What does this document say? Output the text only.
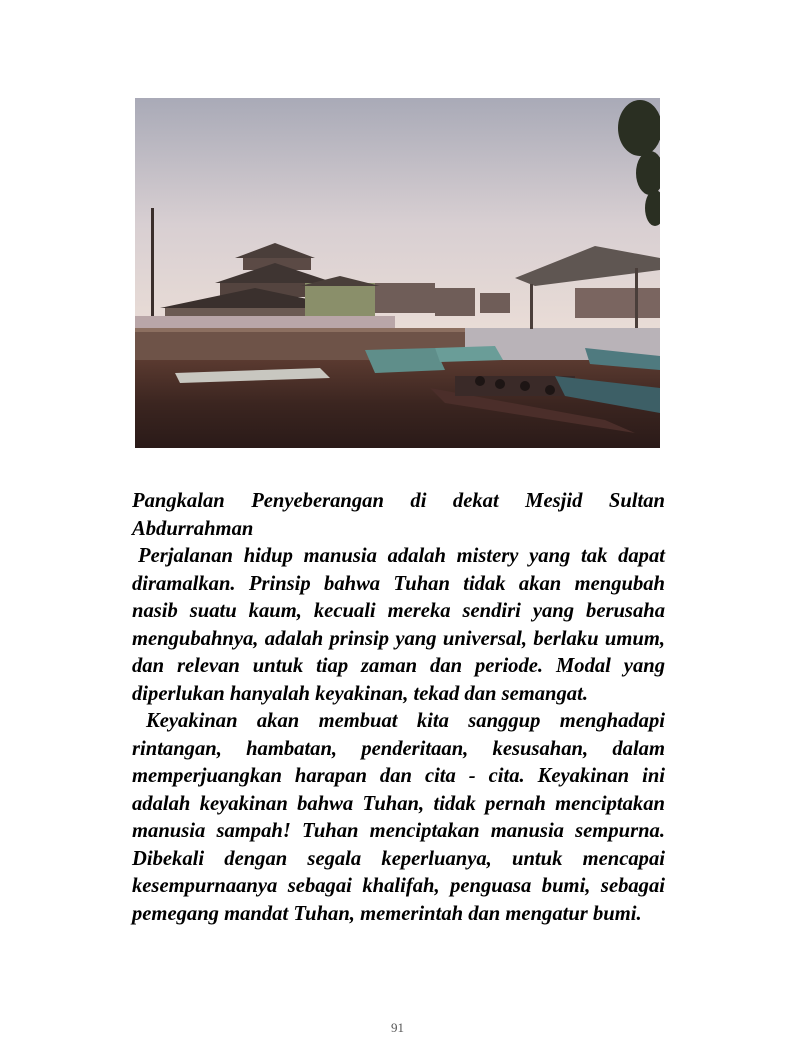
Pangkalan Penyeberangan di dekat Mesjid Sultan Abdurrahman

Perjalanan hidup manusia adalah mistery yang tak dapat diramalkan. Prinsip bahwa Tuhan tidak akan mengubah nasib suatu kaum, kecuali mereka sendiri yang berusaha mengubahnya, adalah prinsip yang universal, berlaku umum, dan relevan untuk tiap zaman dan periode. Modal yang diperlukan hanyalah keyakinan, tekad dan semangat.

Keyakinan akan membuat kita sanggup menghadapi rintangan, hambatan, penderitaan, kesusahan, dalam memperjuangkan harapan dan cita - cita. Keyakinan ini adalah keyakinan bahwa Tuhan, tidak pernah menciptakan manusia sampah! Tuhan menciptakan manusia sempurna. Dibekali dengan segala keperluanya, untuk mencapai kesempurnaanya sebagai khalifah, penguasa bumi, sebagai pemegang mandat Tuhan, memerintah dan mengatur bumi.

91
